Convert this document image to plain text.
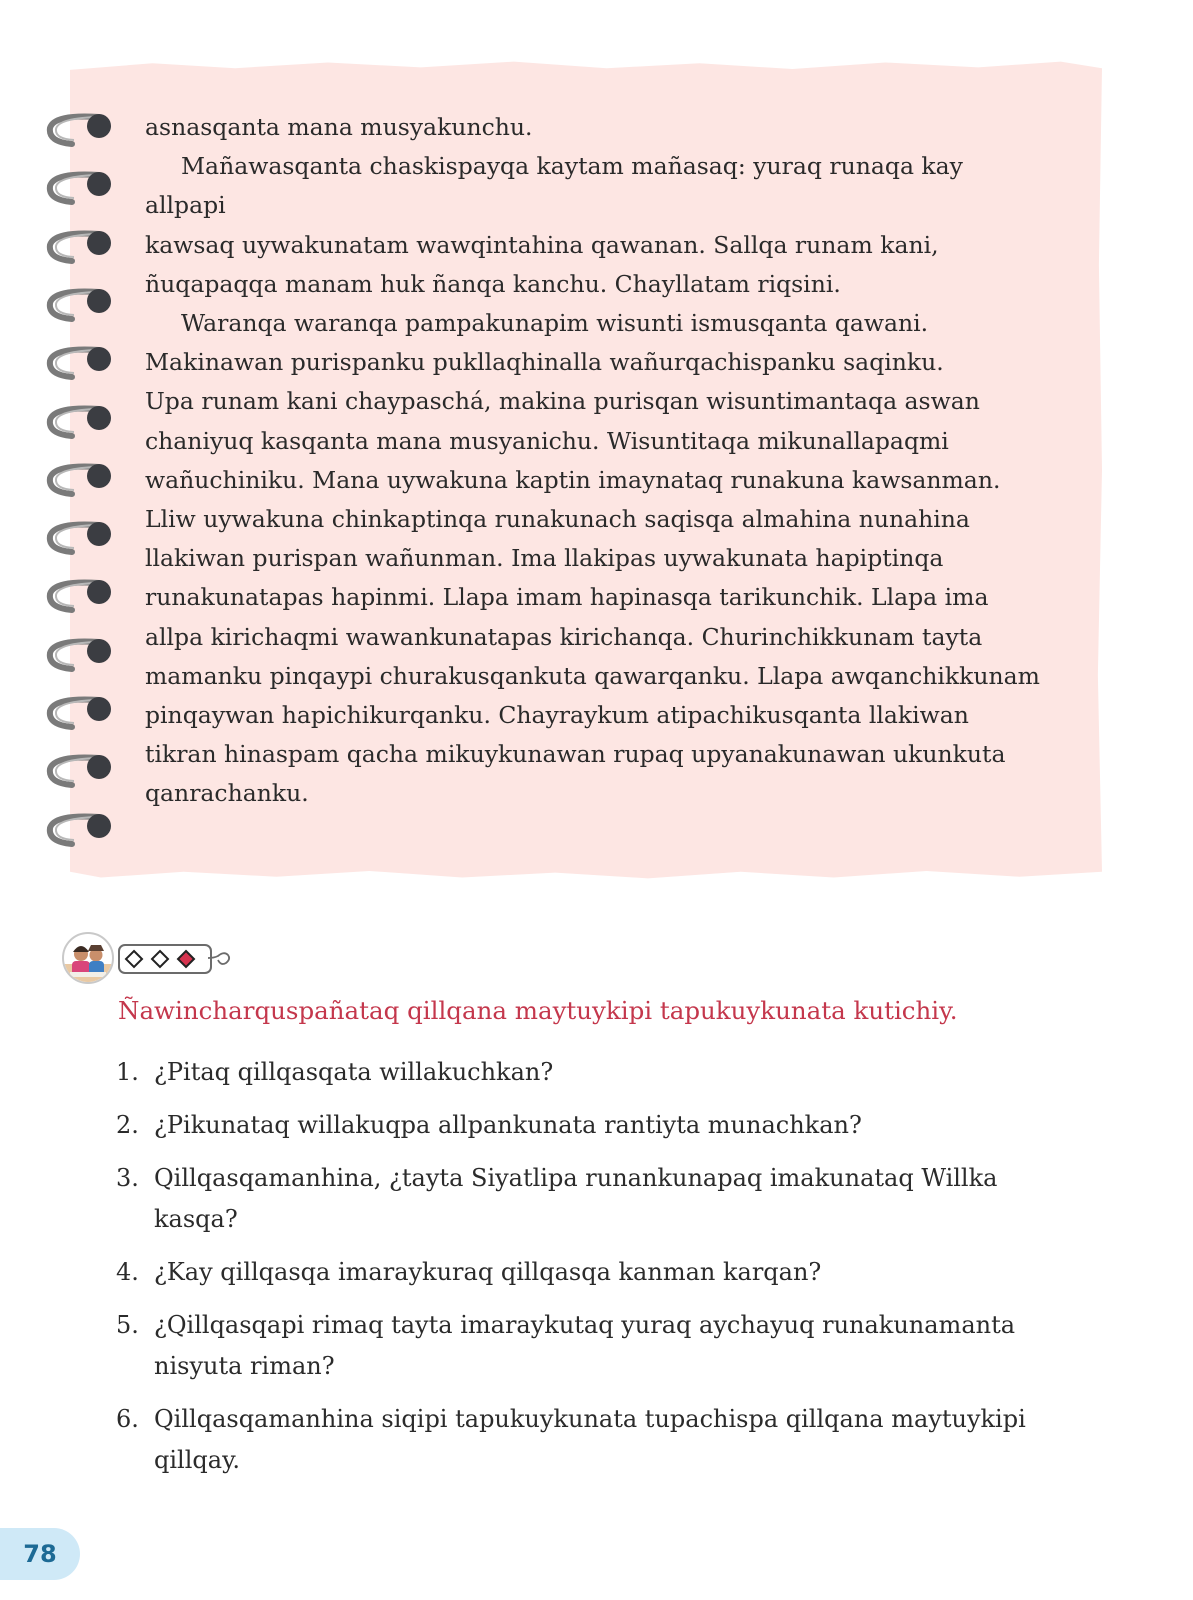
asnasqanta mana musyakunchu.

Mañawasqanta chaskispayqa kaytam mañasaq: yuraq runaqa kay

allpapi
kawsaq uywakunatam wawqintahina qawanan. Sallqa runam kani,
ñuqapaqqa manam huk ñanqa kanchu. Chayllatam riqsini.

Waranqa waranqa pampakunapim wisunti ismusqanta qawani.

Makinawan purispanku pukllaqhinalla wañurqachispanku saqinku.
Upa runam kani chaypaschá, makina purisqan wisuntimantaqa aswan
chaniyuq kasqanta mana musyanichu. Wisuntitaqa mikunallapaqmi
wañuchiniku. Mana uywakuna kaptin imaynataq runakuna kawsanman.
Lliw uywakuna chinkaptinqa runakunach saqisqa almahina nunahina
llakiwan purispan wañunman. Ima llakipas uywakunata hapiptinqa
runakunatapas hapinmi. Llapa imam hapinasqa tarikunchik. Llapa ima
allpa kirichaqmi wawankunatapas kirichanqa. Churinchikkunam tayta
mamanku pinqaypi churakusqankuta qawarqanku. Llapa awqanchikkunam
pinqaywan hapichikurqanku. Chayraykum atipachikusqanta llakiwan
tikran hinaspam qacha mikuykunawan rupaq upyanakunawan ukunkuta
qanrachanku.

Ñawincharquspañataq qillqana maytuykipi tapukuykunata kutichiy.
1. ¿Pitaq qillqasqata willakuchkan?
2. ¿Pikunataq willakuqpa allpankunata rantiyta munachkan?
3. Qillqasqamanhina, ¿tayta Siyatlipa runankunapaq imakunataq Willka kasqa?
4. ¿Kay qillqasqa imaraykuraq qillqasqa kanman karqan?
5. ¿Qillqasqapi rimaq tayta imaraykutaq yuraq aychayuq runakunamanta nisyuta riman?
6. Qillqasqamanhina siqipi tapukuykunata tupachispa qillqana maytuykipi qillqay.
78
